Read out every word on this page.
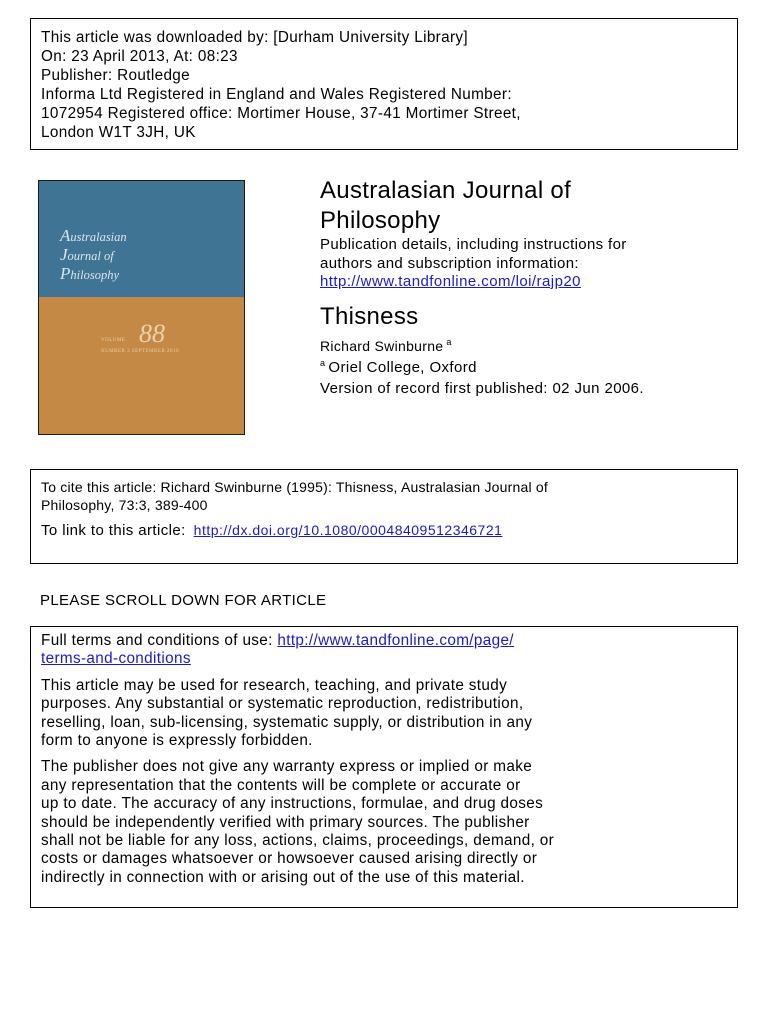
This article was downloaded by: [Durham University Library]
On: 23 April 2013, At: 08:23
Publisher: Routledge
Informa Ltd Registered in England and Wales Registered Number:
1072954 Registered office: Mortimer House, 37-41 Mortimer Street,
London W1T 3JH, UK
Australasian
Journal of
Philosophy
VOLUME 88
NUMBER 3 SEPTEMBER 2010
Australasian Journal of
Philosophy
Publication details, including instructions for
authors and subscription information:
http://www.tandfonline.com/loi/rajp20
Thisness
Richard Swinburne $^a$
$^a$ Oriel College, Oxford
Version of record first published: 02 Jun 2006.
To cite this article: Richard Swinburne (1995): Thisness, Australasian Journal of
Philosophy, 73:3, 389-400
To link to this article: http://dx.doi.org/10.1080/00048409512346721
PLEASE SCROLL DOWN FOR ARTICLE
Full terms and conditions of use: http://www.tandfonline.com/page/
terms-and-conditions
This article may be used for research, teaching, and private study
purposes. Any substantial or systematic reproduction, redistribution,
reselling, loan, sub-licensing, systematic supply, or distribution in any
form to anyone is expressly forbidden.
The publisher does not give any warranty express or implied or make
any representation that the contents will be complete or accurate or
up to date. The accuracy of any instructions, formulae, and drug doses
should be independently verified with primary sources. The publisher
shall not be liable for any loss, actions, claims, proceedings, demand, or
costs or damages whatsoever or howsoever caused arising directly or
indirectly in connection with or arising out of the use of this material.
